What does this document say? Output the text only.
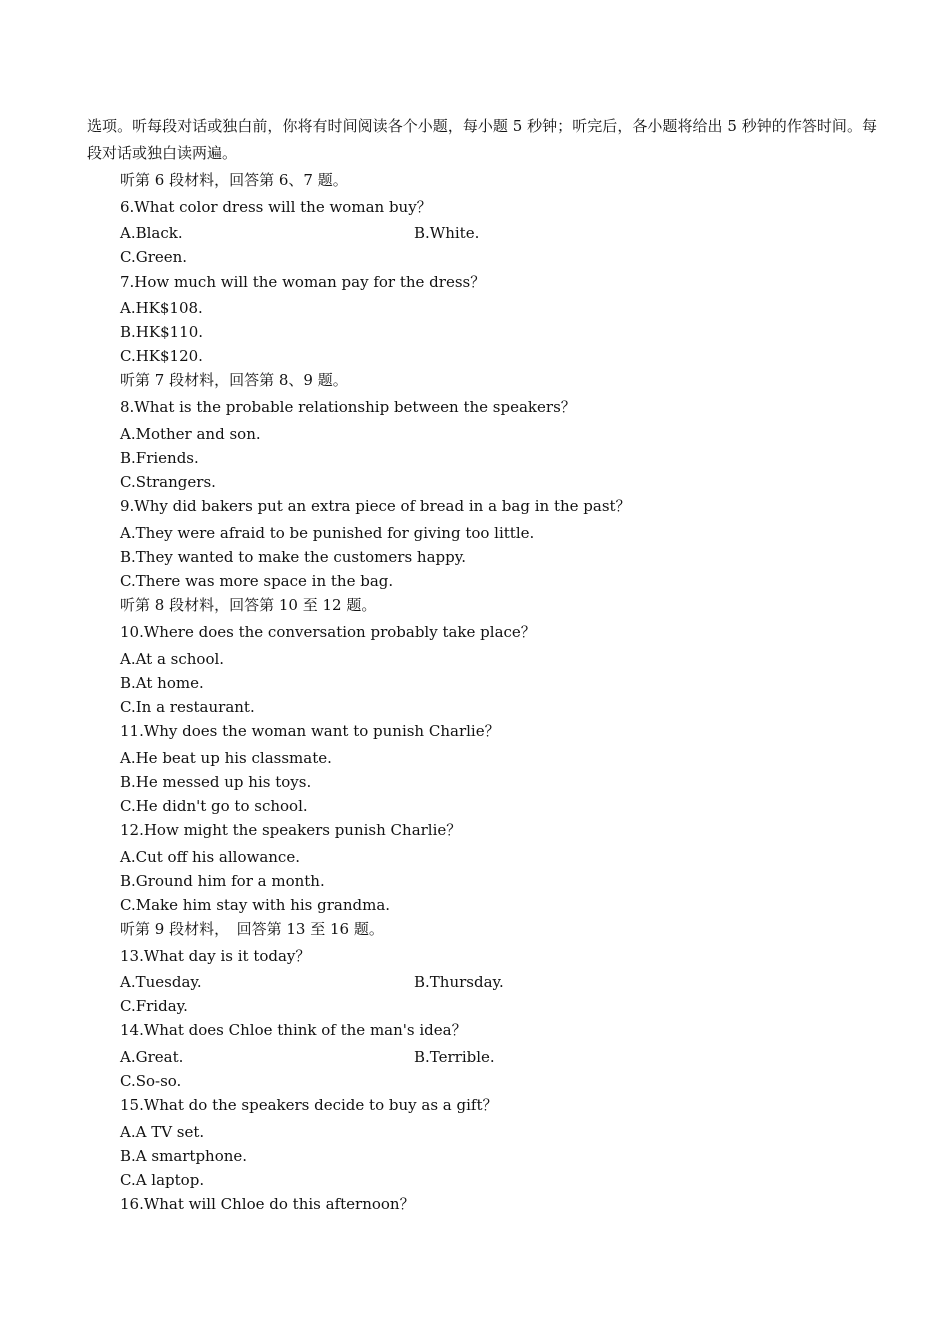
选项。听每段对话或独白前，你将有时间阅读各个小题，每小题 5 秒钟；听完后，各小题将给出 5 秒钟的作答时间。每段对话或独白读两遍。
听第 6 段材料，回答第 6、7 题。
6.What color dress will the woman buy？
A.Black.	B.White.
C.Green.
7.How much will the woman pay for the dress？
A.HK$108.
B.HK$110.
C.HK$120.
听第 7 段材料，回答第 8、9 题。
8.What is the probable relationship between the speakers？
A.Mother and son.
B.Friends.
C.Strangers.
9.Why did bakers put an extra piece of bread in a bag in the past？
A.They were afraid to be punished for giving too little.
B.They wanted to make the customers happy.
C.There was more space in the bag.
听第 8 段材料，回答第 10 至 12 题。
10.Where does the conversation probably take place？
A.At a school.
B.At home.
C.In a restaurant.
11.Why does the woman want to punish Charlie？
A.He beat up his classmate.
B.He messed up his toys.
C.He didn't go to school.
12.How might the speakers punish Charlie？
A.Cut off his allowance.
B.Ground him for a month.
C.Make him stay with his grandma.
听第 9 段材料，　回答第 13 至 16 题。
13.What day is it today？
A.Tuesday.	B.Thursday.
C.Friday.
14.What does Chloe think of the man's idea？
A.Great.	B.Terrible.
C.So-so.
15.What do the speakers decide to buy as a gift？
A.A TV set.
B.A smartphone.
C.A laptop.
16.What will Chloe do this afternoon？
